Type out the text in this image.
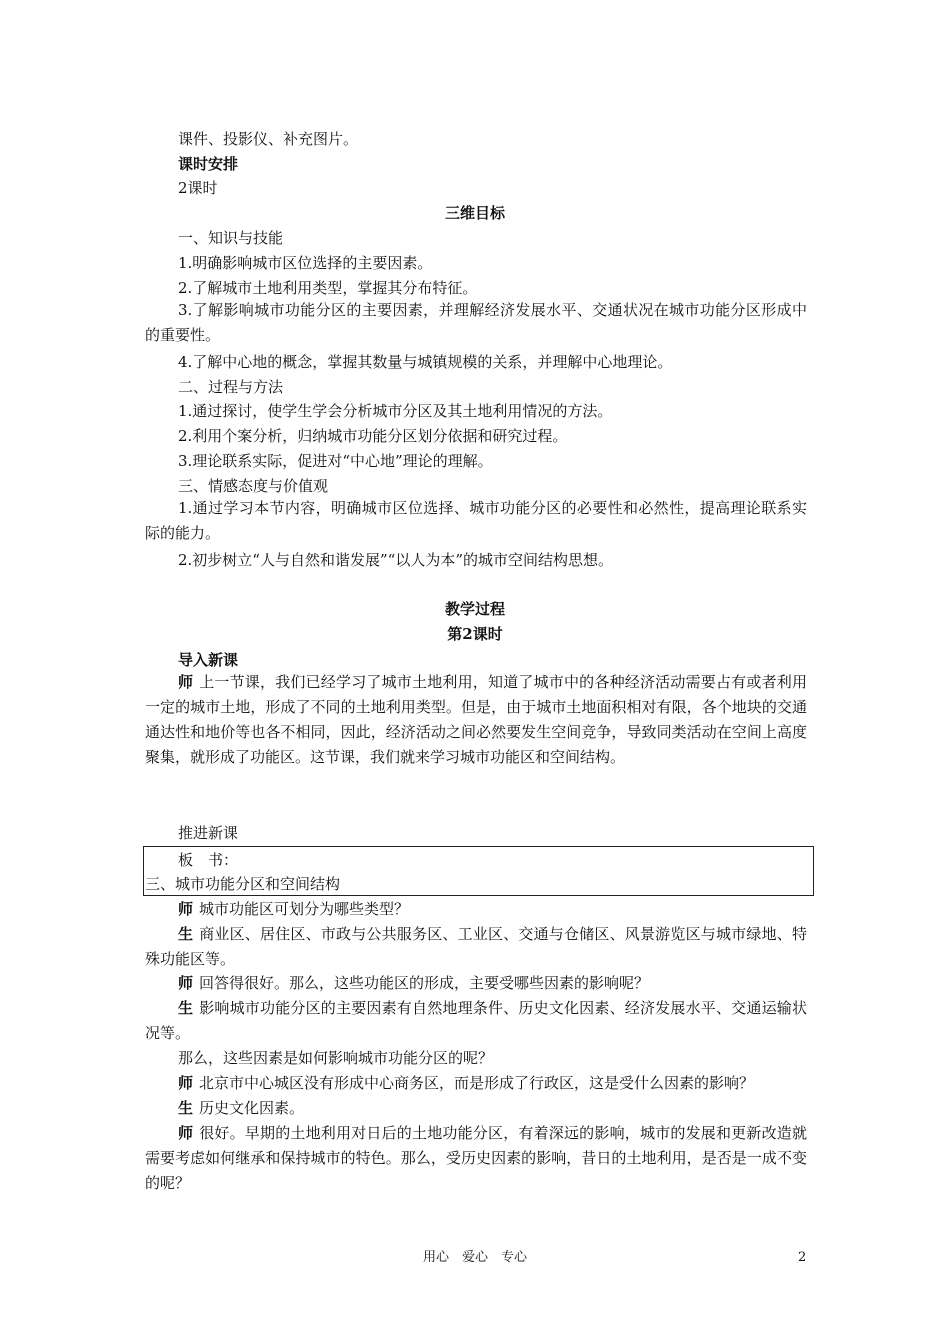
课件、投影仪、补充图片。
课时安排
2课时
三维目标
一、知识与技能
1.明确影响城市区位选择的主要因素。
2.了解城市土地利用类型，掌握其分布特征。
3.了解影响城市功能分区的主要因素，并理解经济发展水平、交通状况在城市功能分区形成中的重要性。
4.了解中心地的概念，掌握其数量与城镇规模的关系，并理解中心地理论。
二、过程与方法
1.通过探讨，使学生学会分析城市分区及其土地利用情况的方法。
2.利用个案分析，归纳城市功能分区划分依据和研究过程。
3.理论联系实际，促进对“中心地”理论的理解。
三、情感态度与价值观
1.通过学习本节内容，明确城市区位选择、城市功能分区的必要性和必然性，提高理论联系实际的能力。
2.初步树立“人与自然和谐发展”“以人为本”的城市空间结构思想。
教学过程
第2课时
导入新课
师 上一节课，我们已经学习了城市土地利用，知道了城市中的各种经济活动需要占有或者利用一定的城市土地，形成了不同的土地利用类型。但是，由于城市土地面积相对有限，各个地块的交通通达性和地价等也各不相同，因此，经济活动之间必然要发生空间竞争，导致同类活动在空间上高度聚集，就形成了功能区。这节课，我们就来学习城市功能区和空间结构。
推进新课
板　书：
三、城市功能分区和空间结构
师 城市功能区可划分为哪些类型？
生 商业区、居住区、市政与公共服务区、工业区、交通与仓储区、风景游览区与城市绿地、特殊功能区等。
师 回答得很好。那么，这些功能区的形成，主要受哪些因素的影响呢？
生 影响城市功能分区的主要因素有自然地理条件、历史文化因素、经济发展水平、交通运输状况等。
那么，这些因素是如何影响城市功能分区的呢？
师 北京市中心城区没有形成中心商务区，而是形成了行政区，这是受什么因素的影响？
生 历史文化因素。
师 很好。早期的土地利用对日后的土地功能分区，有着深远的影响，城市的发展和更新改造就需要考虑如何继承和保持城市的特色。那么，受历史因素的影响，昔日的土地利用，是否是一成不变的呢？
用心　爱心　专心	2
